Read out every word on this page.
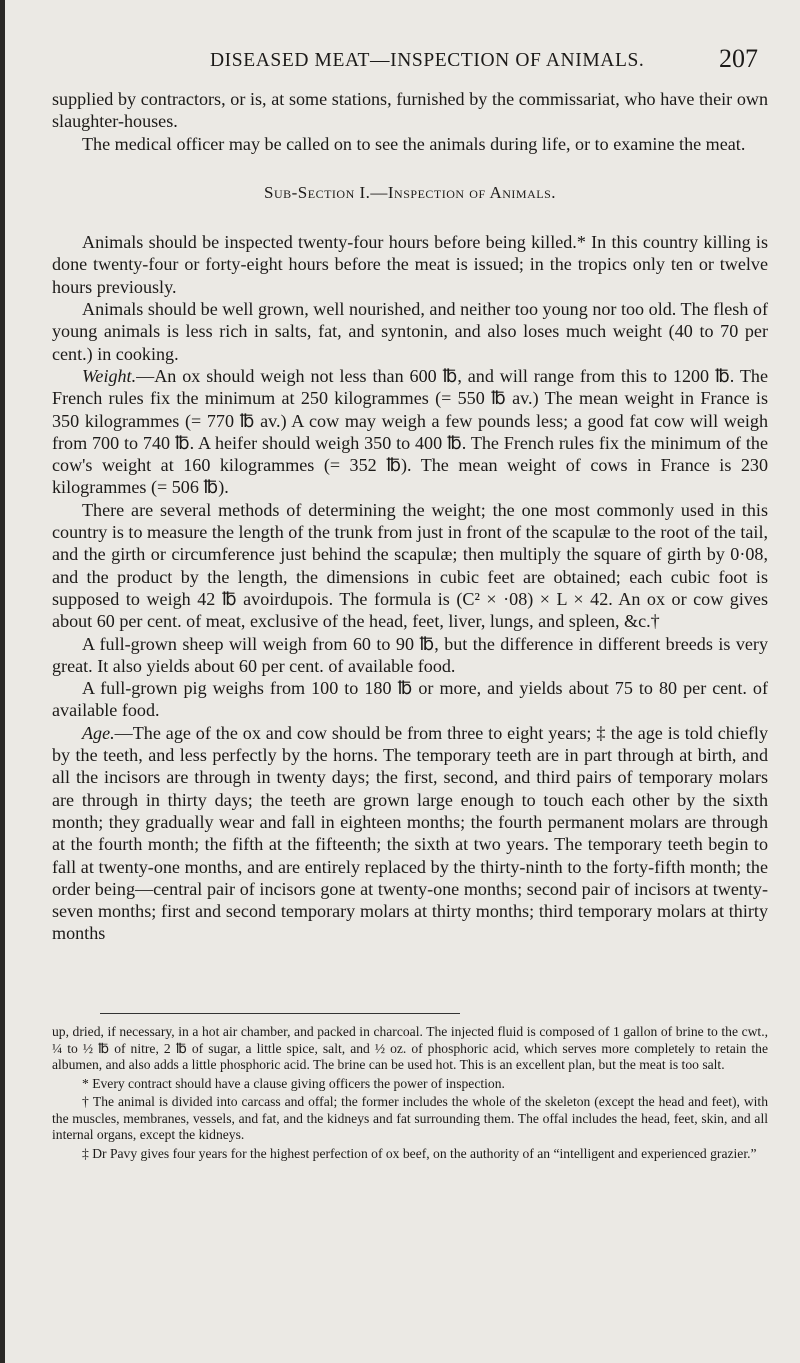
DISEASED MEAT—INSPECTION OF ANIMALS.	207

supplied by contractors, or is, at some stations, furnished by the commissariat, who have their own slaughter-houses.

The medical officer may be called on to see the animals during life, or to examine the meat.

Sub-Section I.—Inspection of Animals.

Animals should be inspected twenty-four hours before being killed.* In this country killing is done twenty-four or forty-eight hours before the meat is issued; in the tropics only ten or twelve hours previously.

Animals should be well grown, well nourished, and neither too young nor too old. The flesh of young animals is less rich in salts, fat, and syntonin, and also loses much weight (40 to 70 per cent.) in cooking.

Weight.—An ox should weigh not less than 600 ℔, and will range from this to 1200 ℔. The French rules fix the minimum at 250 kilogrammes (= 550 ℔ av.) The mean weight in France is 350 kilogrammes (= 770 ℔ av.) A cow may weigh a few pounds less; a good fat cow will weigh from 700 to 740 ℔. A heifer should weigh 350 to 400 ℔. The French rules fix the minimum of the cow's weight at 160 kilogrammes (= 352 ℔). The mean weight of cows in France is 230 kilogrammes (= 506 ℔).

There are several methods of determining the weight; the one most commonly used in this country is to measure the length of the trunk from just in front of the scapulæ to the root of the tail, and the girth or circumference just behind the scapulæ; then multiply the square of girth by 0·08, and the product by the length, the dimensions in cubic feet are obtained; each cubic foot is supposed to weigh 42 ℔ avoirdupois. The formula is (C² × ·08) × L × 42. An ox or cow gives about 60 per cent. of meat, exclusive of the head, feet, liver, lungs, and spleen, &c.†

A full-grown sheep will weigh from 60 to 90 ℔, but the difference in different breeds is very great. It also yields about 60 per cent. of available food.

A full-grown pig weighs from 100 to 180 ℔ or more, and yields about 75 to 80 per cent. of available food.

Age.—The age of the ox and cow should be from three to eight years; ‡ the age is told chiefly by the teeth, and less perfectly by the horns. The temporary teeth are in part through at birth, and all the incisors are through in twenty days; the first, second, and third pairs of temporary molars are through in thirty days; the teeth are grown large enough to touch each other by the sixth month; they gradually wear and fall in eighteen months; the fourth permanent molars are through at the fourth month; the fifth at the fifteenth; the sixth at two years. The temporary teeth begin to fall at twenty-one months, and are entirely replaced by the thirty-ninth to the forty-fifth month; the order being—central pair of incisors gone at twenty-one months; second pair of incisors at twenty-seven months; first and second temporary molars at thirty months; third temporary molars at thirty months

up, dried, if necessary, in a hot air chamber, and packed in charcoal. The injected fluid is composed of 1 gallon of brine to the cwt., ¼ to ½ ℔ of nitre, 2 ℔ of sugar, a little spice, salt, and ½ oz. of phosphoric acid, which serves more completely to retain the albumen, and also adds a little phosphoric acid. The brine can be used hot. This is an excellent plan, but the meat is too salt.

* Every contract should have a clause giving officers the power of inspection.

† The animal is divided into carcass and offal; the former includes the whole of the skeleton (except the head and feet), with the muscles, membranes, vessels, and fat, and the kidneys and fat surrounding them. The offal includes the head, feet, skin, and all internal organs, except the kidneys.

‡ Dr Pavy gives four years for the highest perfection of ox beef, on the authority of an “intelligent and experienced grazier.”
